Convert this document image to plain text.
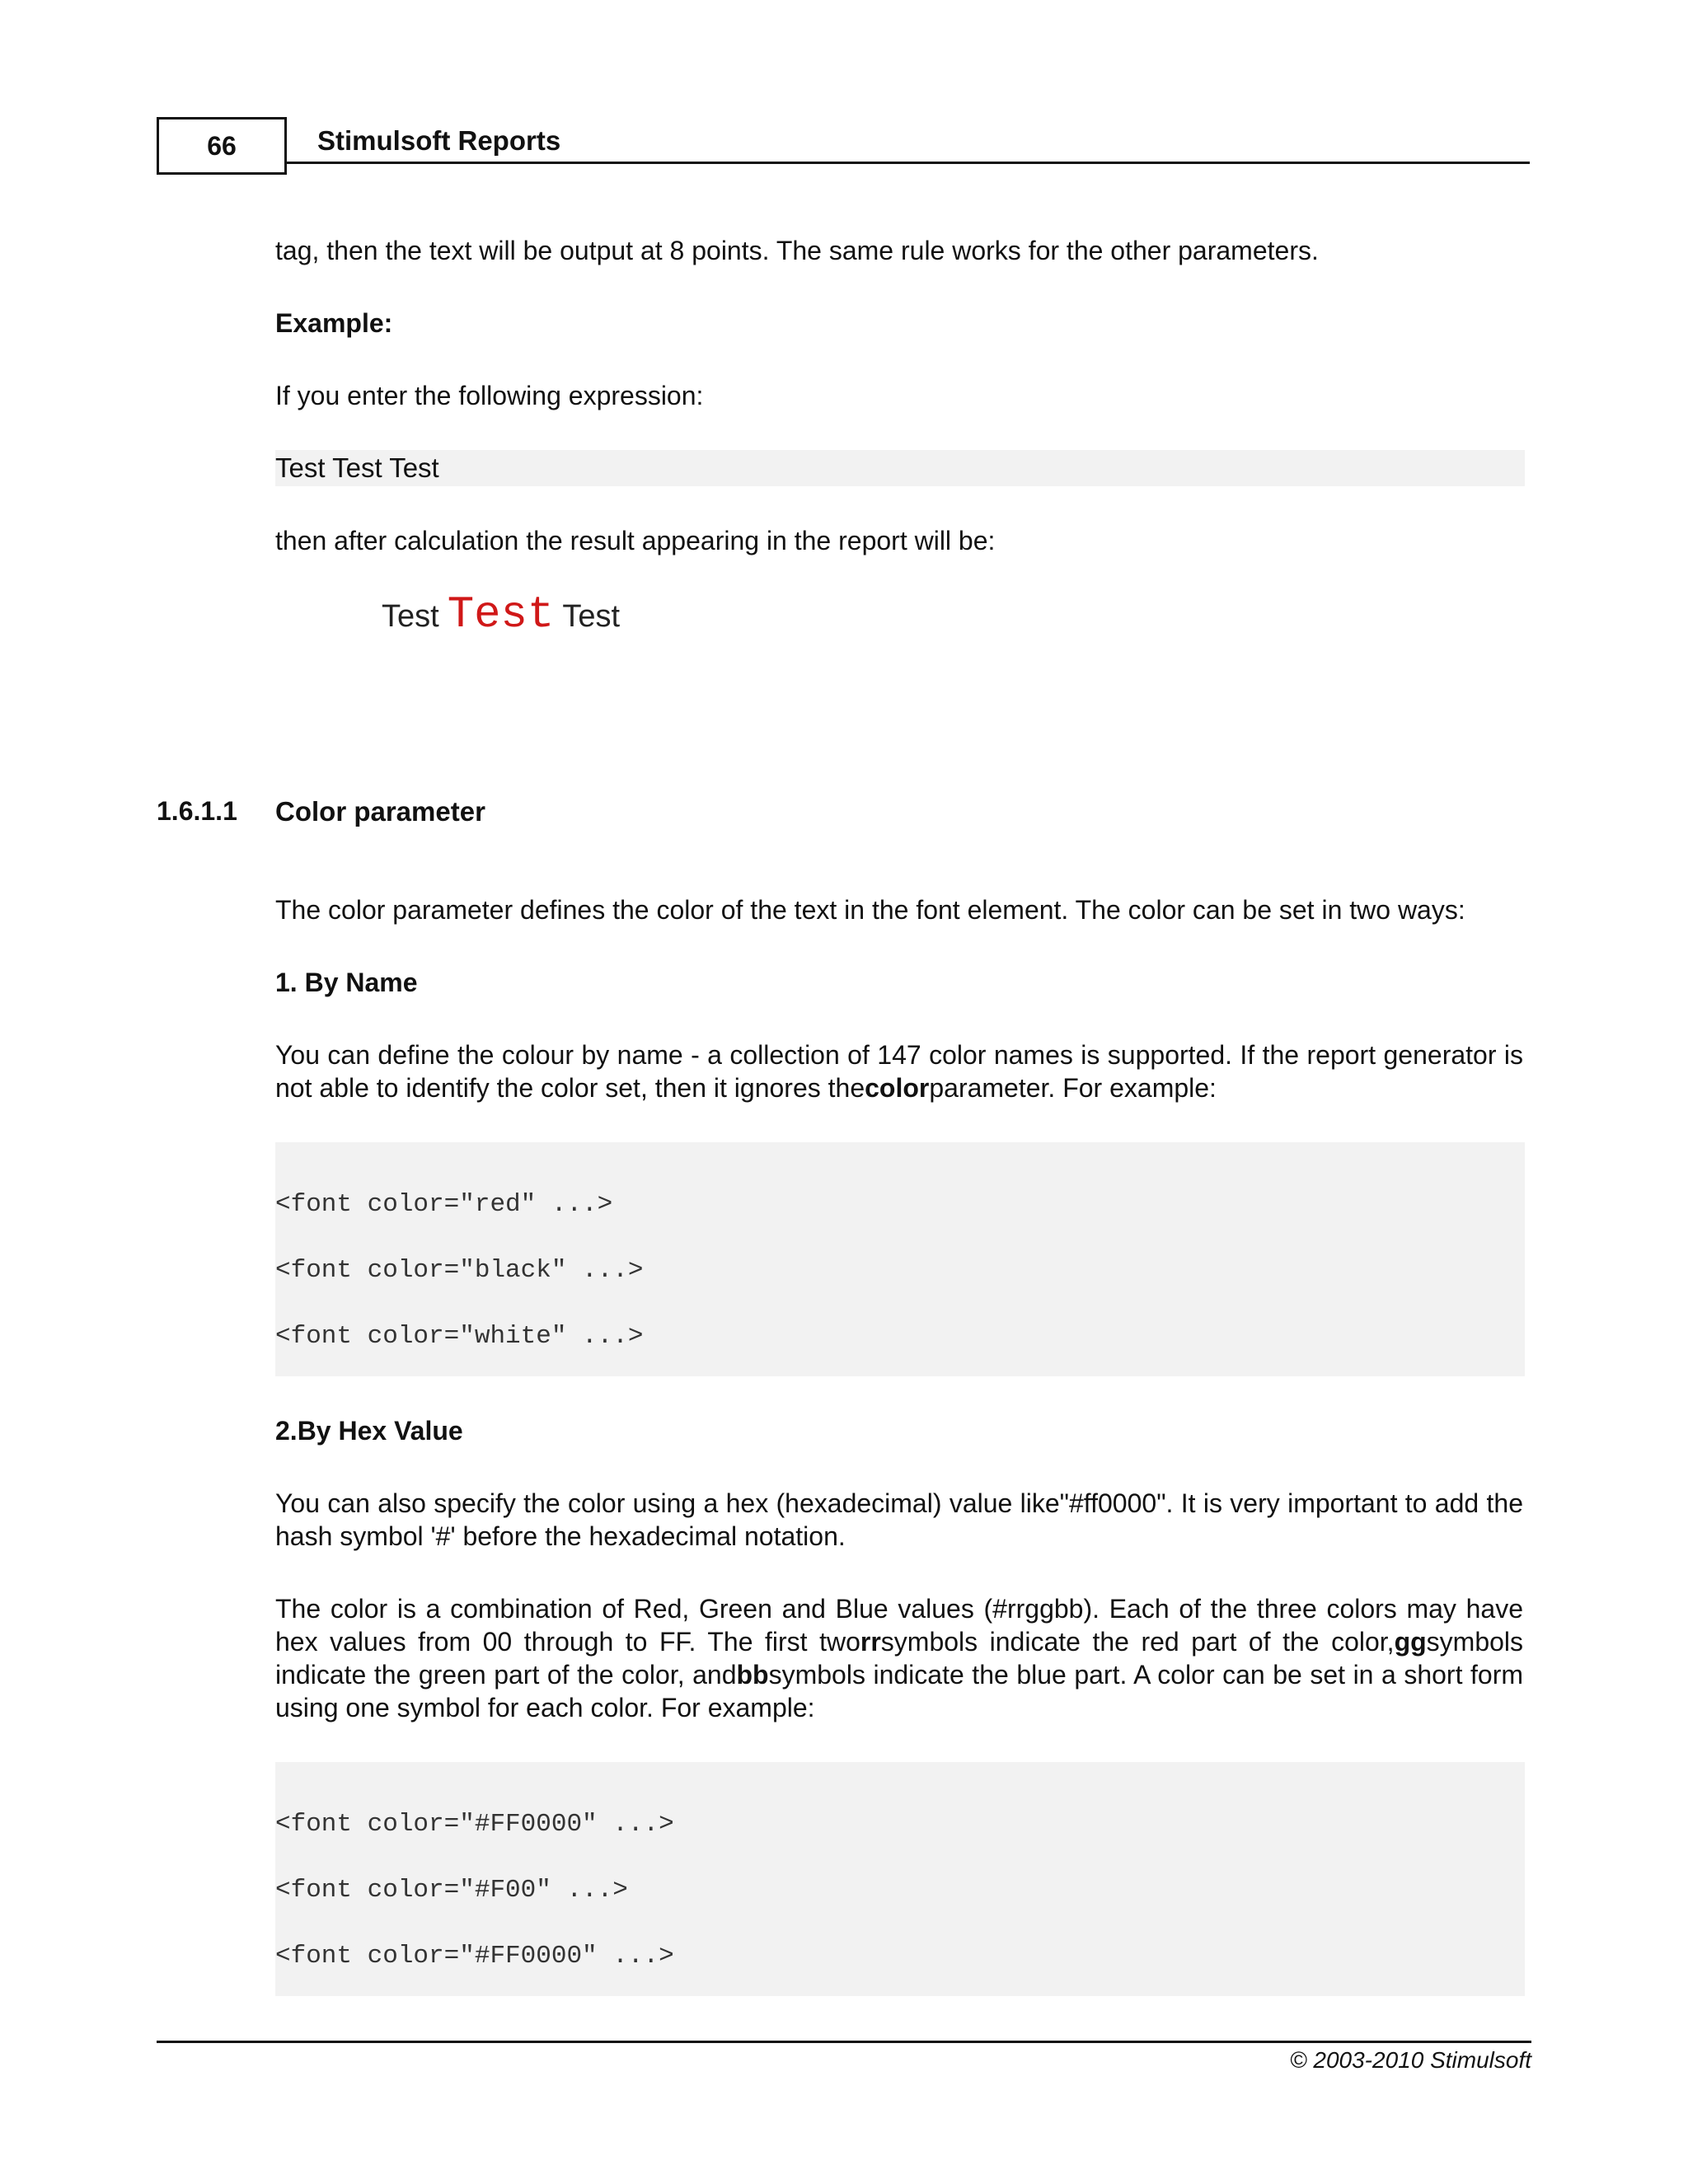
66	Stimulsoft Reports

tag, then the text will be output at 8 points. The same rule works for the other parameters.

Example:

If you enter the following expression:

Test Test Test

then after calculation the result appearing in the report will be:

Test Test Test
1.6.1.1 Color parameter

The color parameter defines the color of the text in the font element. The color can be set in two ways:

1. By Name

You can define the colour by name - a collection of 147 color names is supported. If the report generator is not able to identify the color set, then it ignores thecolorparameter. For example:

<font color="red" ...>
<font color="black" ...>
<font color="white" ...>

2.By Hex Value

You can also specify the color using a hex (hexadecimal) value like"#ff0000". It is very important to add the hash symbol '#' before the hexadecimal notation.

The color is a combination of Red, Green and Blue values (#rrggbb). Each of the three colors may have hex values from 00 through to FF. The first tworrsymbols indicate the red part of the color,ggsymbols indicate the green part of the color, andbbsymbols indicate the blue part. A color can be set in a short form using one symbol for each color. For example:

<font color="#FF0000" ...>
<font color="#F00" ...>
<font color="#FF0000" ...>
© 2003-2010 Stimulsoft
